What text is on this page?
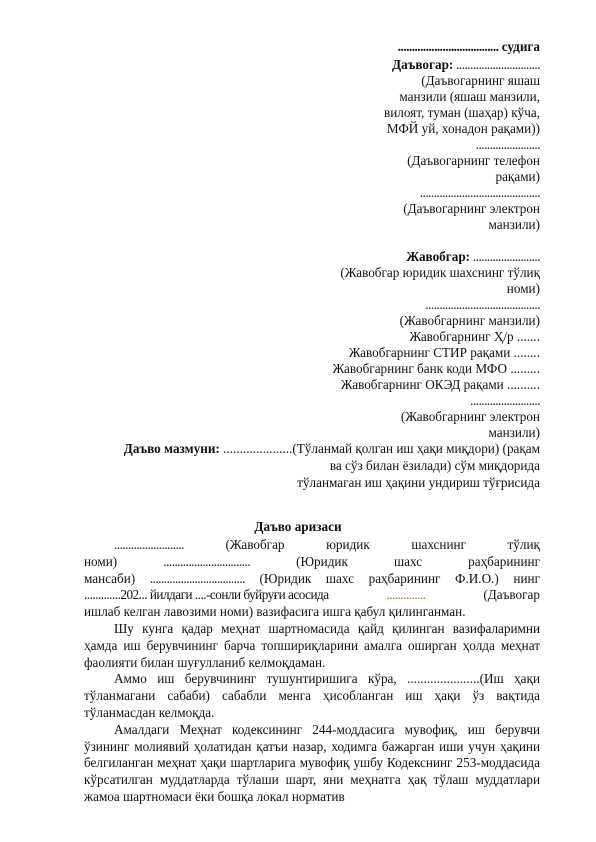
.................................... судига
Даъвогар: ..............................
(Даъвогарнинг яшаш
манзили (яшаш манзили,
вилоят, туман (шаҳар) кўча,
МФЙ уй, хонадон рақами))
.......................
(Даъвогарнинг телефон
рақами)
...........................................
(Даъвогарнинг электрон
манзили)
Жавобгар: ........................
(Жавобгар юридик шахснинг тўлиқ
номи)
.........................................
(Жавобгарнинг манзили)
Жавобгарнинг Ҳ/р .......
Жавобгарнинг СТИР рақами ........
Жавобгарнинг банк коди МФО .........
Жавобгарнинг ОКЭД рақами ..........
.........................
(Жавобгарнинг электрон
манзили)
Даъво мазмуни: .....................(Тўланмай қолган иш ҳақи миқдори) (рақам
ва сўз билан ёзилади) сўм миқдорида
тўланмаган иш ҳақини ундириш тўғрисида
Даъво аризаси
.........................	(Жавобгар	юридик	шахснинг	тўлиқ
номи)	...............................	(Юридик	шахс	раҳбарининг
мансаби) .................................. (Юридик шахс раҳбарининг Ф.И.О.) нинг
.............202... йилдаги ....-сонли буйруғи асосида	..............	(Даъвогар
ишлаб келган лавозими номи) вазифасига ишга қабул қилинганман.

Шу кунга қадар меҳнат шартномасида қайд қилинган вазифаларимни ҳамда иш берувчининг барча топшириқларини амалга оширган ҳолда меҳнат фаолияти билан шуғулланиб келмоқдаман.

Аммо иш берувчининг тушунтиришига кўра, ......................(Иш ҳақи тўланмагани сабаби) сабабли менга ҳисобланган иш ҳақи ўз вақтида тўланмасдан келмоқда.

Амалдаги Меҳнат кодексининг 244-моддасига мувофиқ, иш берувчи ўзининг молиявий ҳолатидан қатъи назар, ходимга бажарган иши учун ҳақини белгиланган меҳнат ҳақи шартларига мувофиқ ушбу Кодекснинг 253-моддасида кўрсатилган муддатларда тўлаши шарт, яни меҳнатга ҳақ тўлаш муддатлари жамоа шартномаси ёки бошқа локал норматив
